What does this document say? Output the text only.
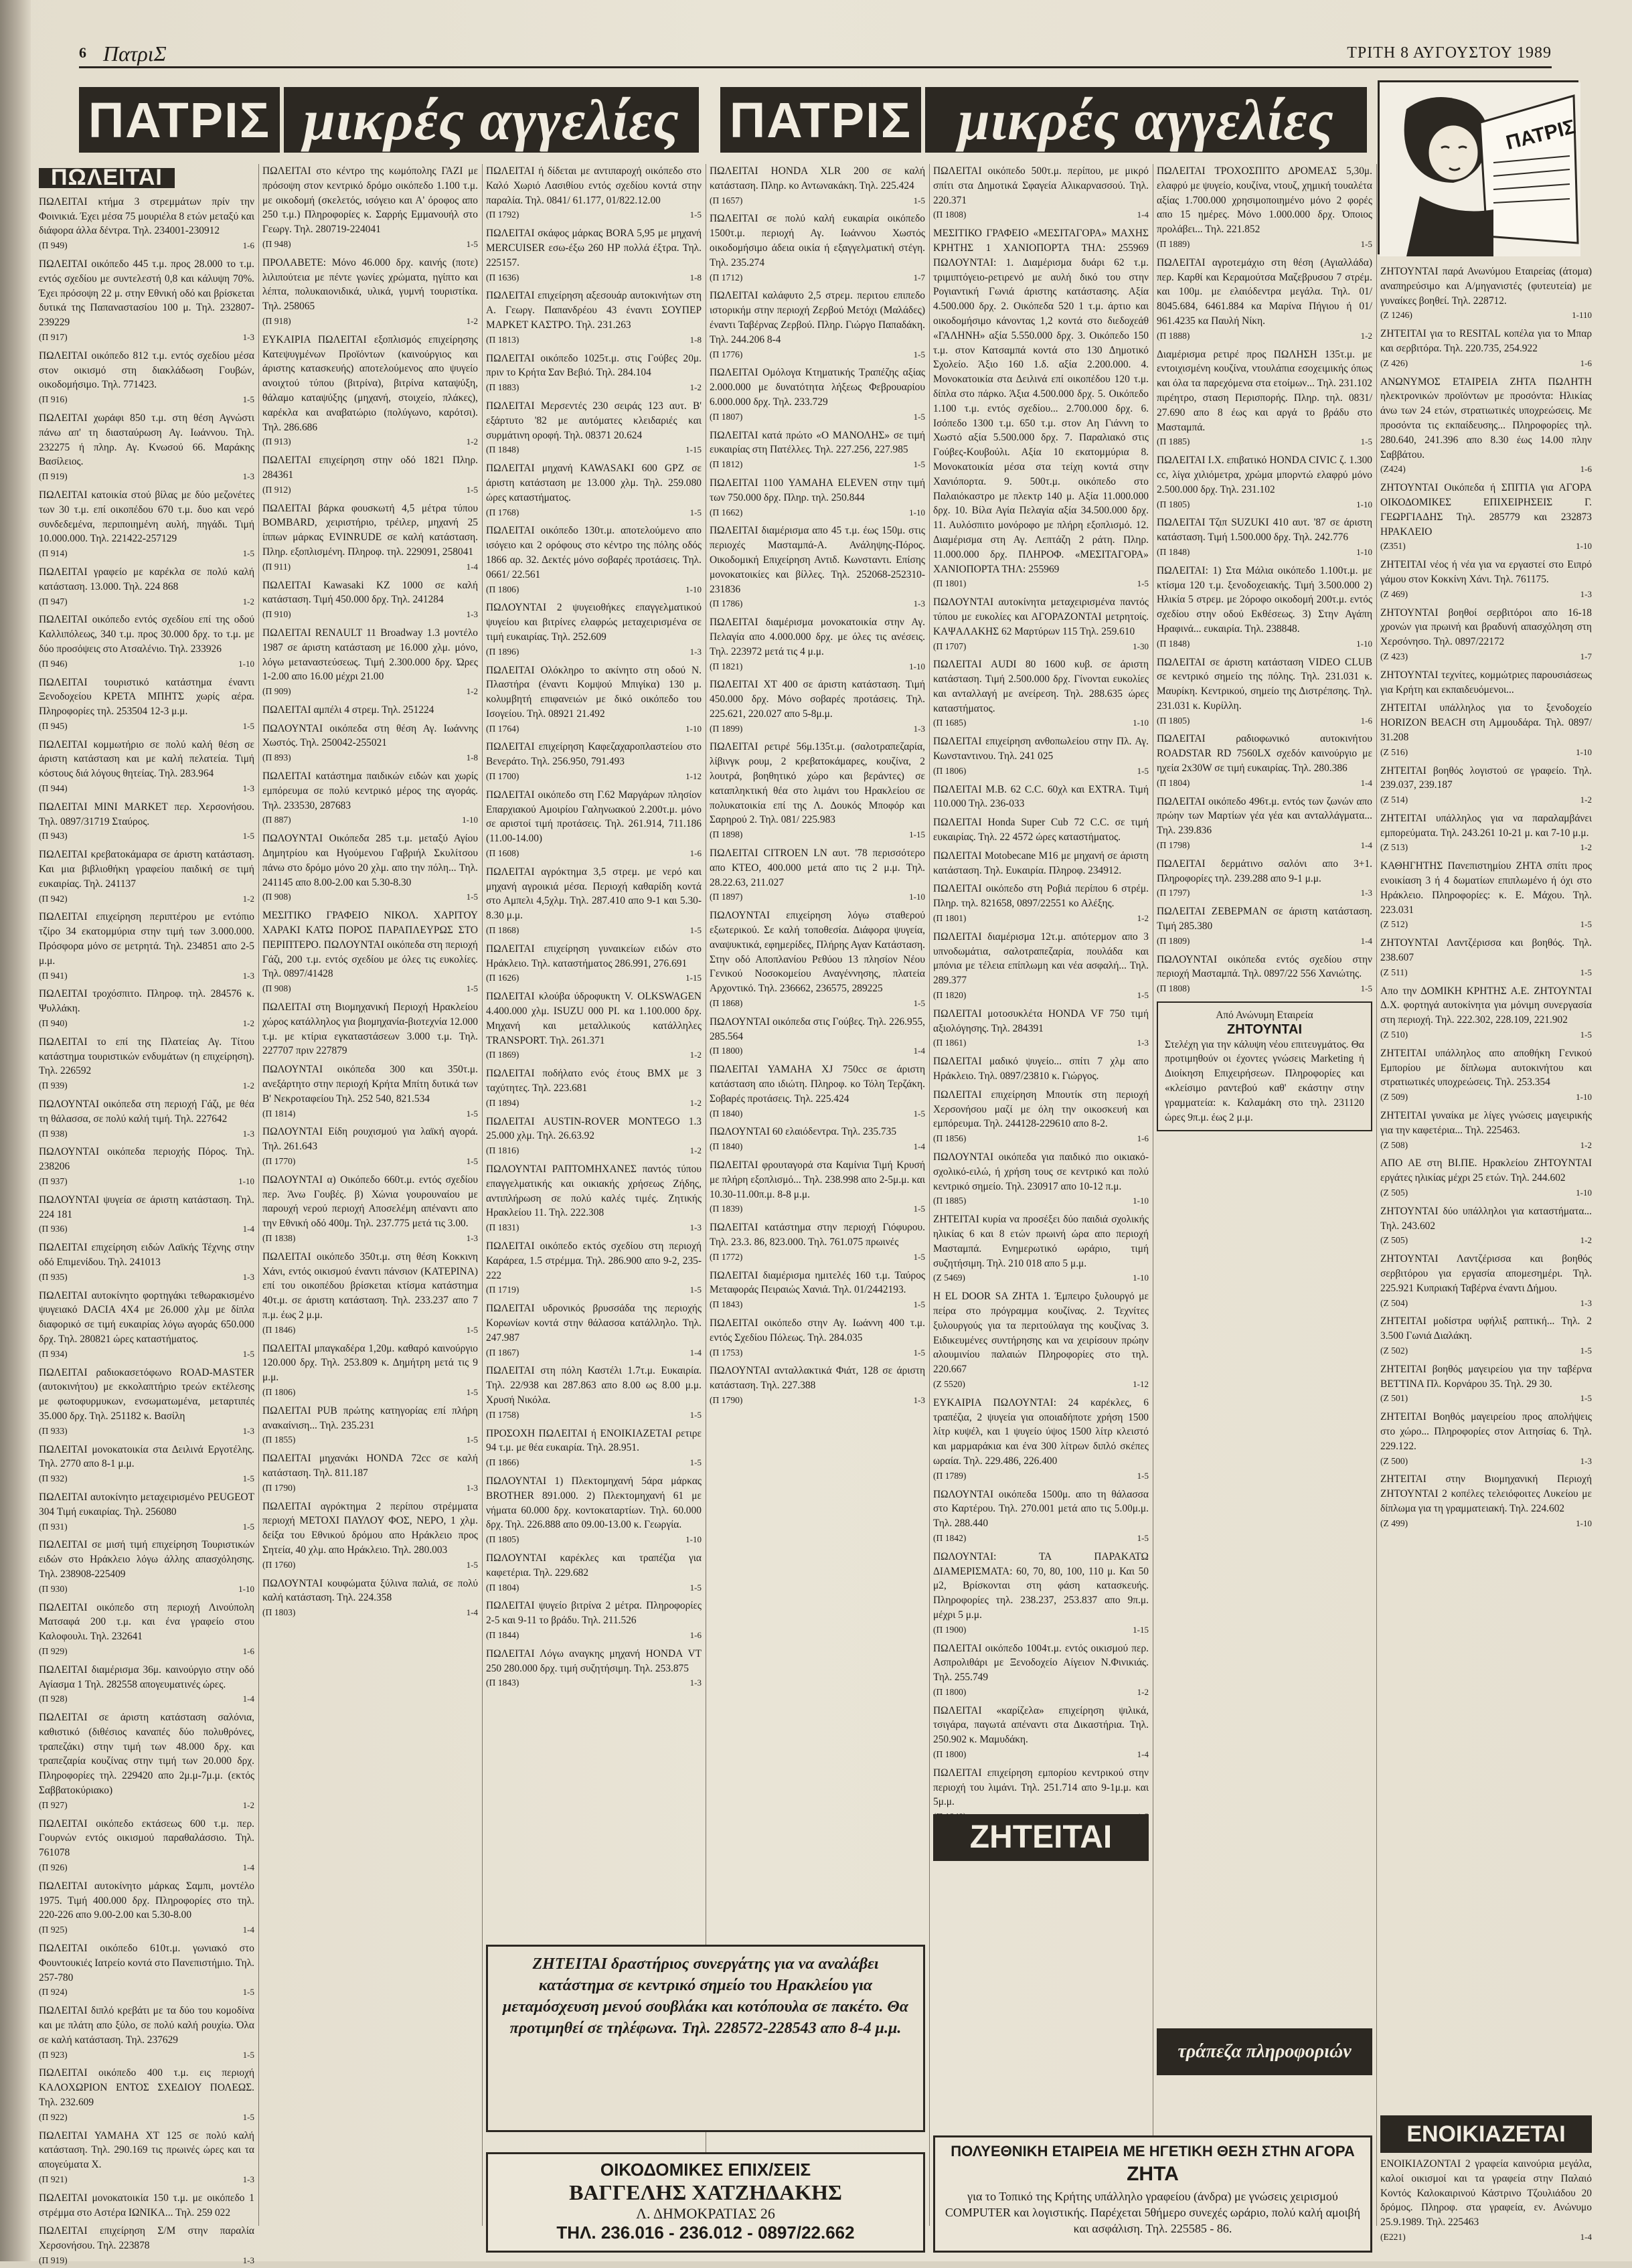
6 ΠατριΣ	ΤΡΙΤΗ 8 ΑΥΓΟΥΣΤΟΥ 1989
ΠΑΤΡΙΣ μικρές αγγελίες ΠΑΤΡΙΣ μικρές αγγελίες	ΠΑΤΡΙΣ
ΠΩΛΕΙΤΑΙ
ΠΩΛΕΙΤΑΙ κτήμα 3 στρεμμάτων πρίν την Φοινικιά. Έχει μέσα 75 μουριέλα 8 ετών μεταξύ και διάφορα άλλα δέντρα. Τηλ. 234001-230912
(Π 949)	1-6
ΠΩΛΕΙΤΑΙ οικόπεδο 445 τ.μ. προς 28.000 το τ.μ. εντός σχεδίου με συντελεστή 0,8 και κάλυψη 70%. Έχει πρόσοψη 22 μ. στην Εθνική οδό και βρίσκεται δυτικά της Παπαναστασίου 100 μ. Τηλ. 232807-239229
(Π 917)	1-3
ΠΩΛΕΙΤΑΙ οικόπεδο 812 τ.μ. εντός σχεδίου μέσα στον οικισμό στη διακλάδωση Γουβών, οικοδομήσιμο. Τηλ. 771423.
(Π 916)	1-5
ΠΩΛΕΙΤΑΙ χωράφι 850 τ.μ. στη θέση Αγνώστι πάνω απ' τη διασταύρωση Αγ. Ιωάννου. Τηλ. 232275 ή πληρ. Αγ. Κνωσού 66. Μαράκης Βασίλειος.
(Π 919)	1-3
ΠΩΛΕΙΤΑΙ κατοικία στού βίλας με δύο μεζονέτες των 30 τ.μ. επί οικοπέδου 670 τ.μ. δυο και νερό συνδεδεμένα, περιποιημένη αυλή, πηγάδι. Τιμή 10.000.000. Τηλ. 221422-257129
(Π 914)	1-5
ΠΩΛΕΙΤΑΙ γραφείο με καρέκλα σε πολύ καλή κατάσταση. 13.000. Τηλ. 224 868
(Π 947)	1-2
ΠΩΛΕΙΤΑΙ οικόπεδο εντός σχεδίου επί της οδού Καλλιπόλεως, 340 τ.μ. προς 30.000 δρχ. το τ.μ. με δύο προσόψεις στο Ατσαλένιο. Τηλ. 233926
(Π 946)	1-10
ΠΩΛΕΙΤΑΙ τουριστικό κατάστημα έναντι Ξενοδοχείου ΚΡΕΤΑ ΜΠΗΤΣ χωρίς αέρα. Πληροφορίες τηλ. 253504 12-3 μ.μ.
(Π 945)	1-5
ΠΩΛΕΙΤΑΙ κομμωτήριο σε πολύ καλή θέση σε άριστη κατάσταση και με καλή πελατεία. Τιμή κόστους διά λόγους θητείας. Τηλ. 283.964
(Π 944)	1-3
ΠΩΛΕΙΤΑΙ MINI MARKET περ. Χερσονήσου. Τηλ. 0897/31719 Σταύρος.
(Π 943)	1-5
ΠΩΛΕΙΤΑΙ κρεβατοκάμαρα σε άριστη κατάσταση. Και μια βιβλιοθήκη γραφείου παιδική σε τιμή ευκαιρίας. Τηλ. 241137
(Π 942)	1-2
ΠΩΛΕΙΤΑΙ επιχείρηση περιπτέρου με εντόπιο τζίρο 34 εκατομμύρια στην τιμή των 3.000.000. Πρόσφορα μόνο σε μετρητά. Τηλ. 234851 απο 2-5 μ.μ.
(Π 941)	1-3
ΠΩΛΕΙΤΑΙ τροχόσπιτο. Πληροφ. τηλ. 284576 κ. Ψυλλάκη.
(Π 940)	1-2
ΠΩΛΕΙΤΑΙ το επί της Πλατείας Αγ. Τίτου κατάστημα τουριστικών ενδυμάτων (η επιχείρηση). Τηλ. 226592
(Π 939)	1-2
ΠΩΛΟΥΝΤΑΙ οικόπεδα στη περιοχή Γάζι, με θέα τη θάλασσα, σε πολύ καλή τιμή. Τηλ. 227642
(Π 938)	1-3
ΠΩΛΟΥΝΤΑΙ οικόπεδα περιοχής Πόρος. Τηλ. 238206
(Π 937)	1-10
ΠΩΛΟΥΝΤΑΙ ψυγεία σε άριστη κατάσταση. Τηλ. 224 181
(Π 936)	1-4
ΠΩΛΕΙΤΑΙ επιχείρηση ειδών Λαϊκής Τέχνης στην οδό Επιμενίδου. Τηλ. 241013
(Π 935)	1-3
ΠΩΛΕΙΤΑΙ αυτοκίνητο φορτηγάκι τεθωρακισμένο ψυγειακό DACIA 4X4 με 26.000 χλμ με δίπλα διαφορικό σε τιμή ευκαιρίας λόγω αγοράς 650.000 δρχ. Τηλ. 280821 ώρες καταστήματος.
(Π 934)	1-5
ΠΩΛΕΙΤΑΙ ραδιοκασετόφωνο ROAD-MASTER (αυτοκινήτου) με εκκολαπτήριο τρεών εκτέλεσης με φωτοφυρμυκων, ενσωματωμένα, μεταρτιπές 35.000 δρχ. Τηλ. 251182 κ. Βασίλη
(Π 933)	1-3
ΠΩΛΕΙΤΑΙ μονοκατοικία στα Δειλινά Εργοτέλης. Τηλ. 2770 απο 8-1 μ.μ.
(Π 932)	1-5
ΠΩΛΕΙΤΑΙ αυτοκίνητο μεταχειρισμένο PEUGEOT 304 Τιμή ευκαιρίας. Τηλ. 256080
(Π 931)	1-5
ΠΩΛΕΙΤΑΙ σε μισή τιμή επιχείρηση Τουριστικών ειδών στο Ηράκλειο λόγω άλλης απασχόλησης. Τηλ. 238908-225409
(Π 930)	1-10
ΠΩΛΕΙΤΑΙ οικόπεδο στη περιοχή Λινούπολη Ματσαφά 200 τ.μ. και ένα γραφείο στου Καλοφουλι. Τηλ. 232641
(Π 929)	1-6
ΠΩΛΕΙΤΑΙ διαμέρισμα 36μ. καινούργιο στην οδό Αγίασμα 1 Τηλ. 282558 απογευματινές ώρες.
(Π 928)	1-4
ΠΩΛΕΙΤΑΙ σε άριστη κατάσταση σαλόνια, καθιστικό (διθέσιος καναπές δύο πολυθρόνες, τραπεζάκι) στην τιμή των 48.000 δρχ. και τραπεζαρία κουζίνας στην τιμή των 20.000 δρχ. Πληροφορίες τηλ. 229420 απο 2μ.μ-7μ.μ. (εκτός Σαββατοκύριακο)
(Π 927)	1-2
ΠΩΛΕΙΤΑΙ οικόπεδο εκτάσεως 600 τ.μ. περ. Γουρνών εντός οικισμού παραθαλάσσιο. Τηλ. 761078
(Π 926)	1-4
ΠΩΛΕΙΤΑΙ αυτοκίνητο μάρκας Σαμπι, μοντέλο 1975. Τιμή 400.000 δρχ. Πληροφορίες στο τηλ. 220-226 απο 9.00-2.00 και 5.30-8.00
(Π 925)	1-4
ΠΩΛΕΙΤΑΙ οικόπεδο 610τ.μ. γωνιακό στο Φουντουκιές Ιατρείο κοντά στο Πανεπιστήμιο. Τηλ. 257-780
(Π 924)	1-5
ΠΩΛΕΙΤΑΙ διπλό κρεβάτι με τα δύο του κομοδίνα και με πλάτη απο ξύλο, σε πολύ καλή ρουχίω. Όλα σε καλή κατάσταση. Τηλ. 237629
(Π 923)	1-5
ΠΩΛΕΙΤΑΙ οικόπεδο 400 τ.μ. εις περιοχή ΚΑΛΟΧΩΡΙΟΝ ΕΝΤΟΣ ΣΧΕΔΙΟΥ ΠΟΛΕΩΣ. Τηλ. 232.609
(Π 922)	1-5
ΠΩΛΕΙΤΑΙ ΥΑΜΑΗΑ XT 125 σε πολύ καλή κατάσταση. Τηλ. 290.169 τις πρωινές ώρες και τα απογεύματα Χ.
(Π 921)	1-3
ΠΩΛΕΙΤΑΙ μονοκατοικία 150 τ.μ. με οικόπεδο 1 στρέμμα στο Αστέρα ΙΩΝΙΚΑ... Τηλ. 259 022
ΠΩΛΕΙΤΑΙ επιχείρηση Σ/Μ στην παραλία Χερσονήσου. Τηλ. 223878
(Π 919)	1-3
ΠΩΛΕΙΤΑΙ στο κέντρο της κωμόπολης ΓΑΖΙ με πρόσοψη στον κεντρικό δρόμο οικόπεδο 1.100 τ.μ. με οικοδομή (σκελετός, ισόγειο και Α' όροφος απο 250 τ.μ.) Πληροφορίες κ. Σαρρής Εμμανουήλ στο Γεωργ. Τηλ. 280719-224041
(Π 948)	1-5
ΠΡΟΛΑΒΕΤΕ: Μόνο 46.000 δρχ. καινής (ποτε) λιλιπούτεια με πέντε γωνίες χρώματα, ηγίπτο και λέπτα, πολυκαιονιδικά, υλικά, γυμνή τουριστίκα. Τηλ. 258065
(Π 918)	1-2
ΕΥΚΑΙΡΙΑ ΠΩΛΕΙΤΑΙ εξοπλισμός επιχείρησης Κατεψυγμένων Προϊόντων (καινούργιος και άριστης κατασκευής) αποτελούμενος απο ψυγείο ανοιχτού τύπου (βιτρίνα), βιτρίνα καταψύξη, θάλαμο καταψύξης (μηχανή, στοιχείο, πλάκες), καρέκλα και αναβατώριο (πολύγωνο, καρότσι). Τηλ. 286.686
(Π 913)	1-2
ΠΩΛΕΙΤΑΙ επιχείρηση στην οδό 1821 Πληρ. 284361
(Π 912)	1-5
ΠΩΛΕΙΤΑΙ βάρκα φουσκωτή 4,5 μέτρα τύπου BOMBARD, χειριστήριο, τρέιλερ, μηχανή 25 ίππων μάρκας EVINRUDE σε καλή κατάσταση. Πληρ. εξοπλισμένη. Πληροφ. τηλ. 229091, 258041
(Π 911)	1-4
ΠΩΛΕΙΤΑΙ Kawasaki KZ 1000 σε καλή κατάσταση. Τιμή 450.000 δρχ. Τηλ. 241284
(Π 910)	1-3
ΠΩΛΕΙΤΑΙ RENAULT 11 Broadway 1.3 μοντέλο 1987 σε άριστη κατάσταση με 16.000 χλμ. μόνο, λόγω μεταναστεύσεως. Τιμή 2.300.000 δρχ. Ώρες 1-2.00 απο 16.00 μέχρι 21.00
(Π 909)	1-2
ΠΩΛΕΙΤΑΙ αμπέλι 4 στρεμ. Τηλ. 251224
ΠΩΛΟΥΝΤΑΙ οικόπεδα στη θέση Αγ. Ιωάννης Χωστός. Τηλ. 250042-255021
(Π 893)	1-8
ΠΩΛΕΙΤΑΙ κατάστημα παιδικών ειδών και χωρίς εμπόρευμα σε πολύ κεντρικό μέρος της αγοράς. Τηλ. 233530, 287683
(Π 887)	1-10
ΠΩΛΟΥΝΤΑΙ Οικόπεδα 285 τ.μ. μεταξύ Αγίου Δημητρίου και Ηγούμενου Γαβριήλ Σκυλίτσου πάνω στο δρόμο μόνο 20 χλμ. απο την πόλη... Τηλ. 241145 απο 8.00-2.00 και 5.30-8.30
(Π 908)	1-5
ΜΕΣΙΤΙΚΟ ΓΡΑΦΕΙΟ ΝΙΚΟΛ. ΧΑΡΙΤΟΥ ΧΑΡΑΚΙ ΚΑΤΩ ΠΟΡΟΣ ΠΑΡΑΠΛΕΥΡΩΣ ΣΤΟ ΠΕΡΙΠΤΕΡΟ. ΠΩΛΟΥΝΤΑΙ οικόπεδα στη περιοχή Γάζι, 200 τ.μ. εντός σχεδίου με όλες τις ευκολίες. Τηλ. 0897/41428
(Π 908)	1-5
ΠΩΛΕΙΤΑΙ στη Βιομηχανική Περιοχή Ηρακλείου χώρος κατάλληλος για βιομηχανία-βιοτεχνία 12.000 τ.μ. με κτίρια εγκαταστάσεων 3.000 τ.μ. Τηλ. 227707 πριν 227879
ΠΩΛΟΥΝΤΑΙ οικόπεδα 300 και 350τ.μ. ανεξάρτητο στην περιοχή Κρήτα Μπίτη δυτικά των Β' Νεκροταφείου Τηλ. 252 540, 821.534
(Π 1814)	1-5
ΠΩΛΟΥΝΤΑΙ Είδη ρουχισμού για λαϊκή αγορά. Τηλ. 261.643
(Π 1770)	1-5
ΠΩΛΟΥΝΤΑΙ α) Οικόπεδο 660τ.μ. εντός σχεδίου περ. Άνω Γουβές. β) Χώνια γουρουναίου με παρουχή νερού περιοχή Αποσελέμη απέναντι απο την Εθνική οδό 400μ. Τηλ. 237.775 μετά τις 3.00.
(Π 1838)	1-3
ΠΩΛΕΙΤΑΙ οικόπεδο 350τ.μ. στη θέση Κοκκινη Χάνι, εντός οικισμού έναντι πάνσιον (ΚΑΤΕΡΙΝΑ) επί του οικοπέδου βρίσκεται κτίσμα κατάστημα 40τ.μ. σε άριστη κατάσταση. Τηλ. 233.237 απο 7 π.μ. έως 2 μ.μ.
(Π 1846)	1-5
ΠΩΛΕΙΤΑΙ μπαγκαδέρα 1,20μ. καθαρό καινούργιο 120.000 δρχ. Τηλ. 253.809 κ. Δημήτρη μετά τις 9 μ.μ.
(Π 1806)	1-5
ΠΩΛΕΙΤΑΙ PUB πρώτης κατηγορίας επί πλήρη ανακαίνιση... Τηλ. 235.231
(Π 1855)	1-5
ΠΩΛΕΙΤΑΙ μηχανάκι HONDA 72cc σε καλή κατάσταση. Τηλ. 811.187
(Π 1790)	1-3
ΠΩΛΕΙΤΑΙ αγρόκτημα 2 περίπου στρέμματα περιοχή ΜΕΤΟΧΙ ΠΑΥΛΟΥ ΦΟΣ, ΝΕΡΟ, 1 χλμ. δείξα του Εθνικού δρόμου απο Ηράκλειο προς Σητεία, 40 χλμ. απο Ηράκλειο. Τηλ. 280.003
(Π 1760)	1-5
ΠΩΛΟΥΝΤΑΙ κουφώματα ξύλινα παλιά, σε πολύ καλή κατάσταση. Τηλ. 224.358
(Π 1803)	1-4
ΠΩΛΕΙΤΑΙ ή δίδεται με αντιπαροχή οικόπεδο στο Καλό Χωριό Λασιθίου εντός σχεδίου κοντά στην παραλία. Τηλ. 0841/ 61.177, 01/822.12.00
(Π 1792)	1-5
ΠΩΛΕΙΤΑΙ σκάφος μάρκας BORA 5,95 με μηχανή MERCUISER εσω-έξω 260 HP πολλά έξτρα. Τηλ. 225157.
(Π 1636)	1-8
ΠΩΛΕΙΤΑΙ επιχείρηση αξεσουάρ αυτοκινήτων στη Α. Γεωργ. Παπανδρέου 43 έναντι ΣΟΥΠΕΡ ΜΑΡΚΕΤ ΚΑΣΤΡΟ. Τηλ. 231.263
(Π 1813)	1-8
ΠΩΛΕΙΤΑΙ οικόπεδο 1025τ.μ. στις Γούβες 20μ. πριν το Κρήτα Σαν Βεβιό. Τηλ. 284.104
(Π 1883)	1-2
ΠΩΛΕΙΤΑΙ Μερσεντές 230 σειράς 123 αυτ. Β' εξάρτυτο '82 με αυτόματες κλειδαριές και συρμάτινη οροφή. Τηλ. 08371 20.624
(Π 1848)	1-15
ΠΩΛΕΙΤΑΙ μηχανή KAWASAKI 600 GPZ σε άριστη κατάσταση με 13.000 χλμ. Τηλ. 259.080 ώρες καταστήματος.
(Π 1768)	1-5
ΠΩΛΕΙΤΑΙ οικόπεδο 130τ.μ. αποτελούμενο απο ισόγειο και 2 ορόφους στο κέντρο της πόλης οδός 1866 αρ. 32. Δεκτές μόνο σοβαρές προτάσεις. Τηλ. 0661/ 22.561
(Π 1806)	1-10
ΠΩΛΟΥΝΤΑΙ 2 ψυγειοθήκες επαγγελματικού ψυγείου και βιτρίνες ελαφρώς μεταχειρισμένα σε τιμή ευκαιρίας. Τηλ. 252.609
(Π 1896)	1-3
ΠΩΛΕΙΤΑΙ Ολόκληρο το ακίνητο στη οδού Ν. Πλαστήρα (έναντι Κομψού Μπιγίκα) 130 μ. κολυμβητή επιφανειών με δικό οικόπεδο του Ισογείου. Τηλ. 08921 21.492
(Π 1764)	1-10
ΠΩΛΕΙΤΑΙ επιχείρηση Καφεζαχαροπλαστείου στο Βενεράτο. Τηλ. 256.950, 791.493
(Π 1700)	1-12
ΠΩΛΕΙΤΑΙ οικόπεδο στη Γ.62 Μαργάρων πλησίον Επαρχιακού Αμοιρίου Γαληνωακού 2.200τ.μ. μόνο σε αριστοί τιμή προτάσεις. Τηλ. 261.914, 711.186 (11.00-14.00)
(Π 1608)	1-6
ΠΩΛΕΙΤΑΙ αγρόκτημα 3,5 στρεμ. με νερό και μηχανή αγροικιά μέσα. Περιοχή καθαρίδη κοντά στο Αμπελι 4,5χλμ. Τηλ. 287.410 απο 9-1 και 5.30-8.30 μ.μ.
(Π 1868)	1-5
ΠΩΛΕΙΤΑΙ επιχείρηση γυναικείων ειδών στο Ηράκλειο. Τηλ. καταστήματος 286.991, 276.691
(Π 1626)	1-15
ΠΩΛΕΙΤΑΙ κλούβα ύδροφυκτη V. OLKSWAGEN 4.400.000 χλμ. ISUZU 000 PI. κα 1.100.000 δρχ. Μηχανή και μεταλλικούς κατάλληλες TRANSPORT. Τηλ. 261.371
(Π 1869)	1-2
ΠΩΛΕΙΤΑΙ ποδήλατο ενός έτους BMX με 3 ταχύτητες. Τηλ. 223.681
(Π 1894)	1-2
ΠΩΛΕΙΤΑΙ AUSTIN-ROVER MONTEGO 1.3 25.000 χλμ. Τηλ. 26.63.92
(Π 1816)	1-2
ΠΩΛΟΥΝΤΑΙ ΡΑΠΤΟΜΗΧΑΝΕΣ παντός τύπου επαγγελματικής και οικιακής χρήσεως Ζήδης, αντιπλήρωση σε πολύ καλές τιμές. Ζητικής Ηρακλείου 11. Τηλ. 222.308
(Π 1831)	1-3
ΠΩΛΕΙΤΑΙ οικόπεδο εκτός σχεδίου στη περιοχή Καράρεα, 1.5 στρέμμα. Τηλ. 286.900 απο 9-2, 235-222
(Π 1719)	1-5
ΠΩΛΕΙΤΑΙ υδρονικός βρυσσάδα της περιοχής Κορωνίων κοντά στην θάλασσα κατάλληλο. Τηλ. 247.987
(Π 1867)	1-4
ΠΩΛΕΙΤΑΙ στη πόλη Καστέλι 1.7τ.μ. Ευκαιρία. Τηλ. 22/938 και 287.863 απο 8.00 ως 8.00 μ.μ. Χρυσή Νικόλα.
(Π 1758)	1-5
ΠΡΟΣΟΧΗ ΠΩΛΕΙΤΑΙ ή ΕΝΟΙΚΙΑΖΕΤΑΙ ρετιρε 94 τ.μ. με θέα ευκαιρία. Τηλ. 28.951.
(Π 1866)	1-5
ΠΩΛΟΥΝΤΑΙ 1) Πλεκτομηχανή 5άρα μάρκας BROTHER 891.000. 2) Πλεκτομηχανή 61 με νήματα 60.000 δρχ. κοντοκαταρτίων. Τηλ. 60.000 δρχ. Τηλ. 226.888 απο 09.00-13.00 κ. Γεωργία.
(Π 1805)	1-10
ΠΩΛΟΥΝΤΑΙ καρέκλες και τραπέζια για καφετέρια. Τηλ. 229.682
(Π 1804)	1-5
ΠΩΛΕΙΤΑΙ ψυγείο βιτρίνα 2 μέτρα. Πληροφορίες 2-5 και 9-11 το βράδυ. Τηλ. 211.526
(Π 1844)	1-6
ΠΩΛΕΙΤΑΙ Λόγω αναγκης μηχανή HONDA VT 250 280.000 δρχ. τιμή συζητήσιμη. Τηλ. 253.875
(Π 1843)	1-3
ΠΩΛΕΙΤΑΙ HONDA XLR 200 σε καλή κατάσταση. Πληρ. κο Αντωνακάκη. Τηλ. 225.424
(Π 1657)	1-5
ΠΩΛΕΙΤΑΙ σε πολύ καλή ευκαιρία οικόπεδο 1500τ.μ. περιοχή Αγ. Ιωάννου Χωστός οικοδομήσιμο άδεια οικία ή εξαγγελματική στέγη. Τηλ. 235.274
(Π 1712)	1-7
ΠΩΛΕΙΤΑΙ καλάφυτο 2,5 στρεμ. περιτου επιπεδο ιστορικήμ στην περιοχή Ζερβού Μετόχι (Μαλάδες) έναντι Ταβέρνας Ζερβού. Πληρ. Γιώργο Παπαδάκη. Τηλ. 244.206 8-4
(Π 1776)	1-5
ΠΩΛΕΙΤΑΙ Ομόλογα Κτηματικής Τραπέζης αξίας 2.000.000 με δυνατότητα λήξεως Φεβρουαρίου 6.000.000 δρχ. Τηλ. 233.729
(Π 1807)	1-5
ΠΩΛΕΙΤΑΙ κατά πρώτο «Ο ΜΑΝΟΛΗΣ» σε τιμή ευκαιρίας στη Πατέλλες. Τηλ. 227.256, 227.985
(Π 1812)	1-5
ΠΩΛΕΙΤΑΙ 1100 YAMAHA ELEVEN στην τιμή των 750.000 δρχ. Πληρ. τηλ. 250.844
(Π 1662)	1-10
ΠΩΛΕΙΤΑΙ διαμέρισμα απο 45 τ.μ. έως 150μ. στις περιοχές Μασταμπά-Α. Ανάληψης-Πόρος. Οικοδομική Επιχείρηση Αντιδ. Κωνσταντι. Επίσης μονοκατοικίες και βίλλες. Τηλ. 252068-252310-231836
(Π 1786)	1-3
ΠΩΛΕΙΤΑΙ διαμέρισμα μονοκατοικία στην Αγ. Πελαγία απο 4.000.000 δρχ. με όλες τις ανέσεις. Τηλ. 223972 μετά τις 4 μ.μ.
(Π 1821)	1-10
ΠΩΛΕΙΤΑΙ XT 400 σε άριστη κατάσταση. Τιμή 450.000 δρχ. Μόνο σοβαρές προτάσεις. Τηλ. 225.621, 220.027 απο 5-8μ.μ.
(Π 1899)	1-3
ΠΩΛΕΙΤΑΙ ρετιρέ 56μ.135τ.μ. (σαλοτραπεζαρία, λίβινγκ ρουμ, 2 κρεβατοκάμαρες, κουζίνα, 2 λουτρά, βοηθητικό χώρο και βεράντες) σε καταπληκτική θέα στο λιμάνι του Ηρακλείου σε πολυκατοικία επί της Λ. Δουκός Μποφόρ και Σαρηρού 2. Τηλ. 081/ 225.983
(Π 1898)	1-15
ΠΩΛΕΙΤΑΙ CITROEN LN αυτ. '78 περισσότερο απο ΚΤΕΟ, 400.000 μετά απο τις 2 μ.μ. Τηλ. 28.22.63, 211.027
(Π 1897)	1-10
ΠΩΛΟΥΝΤΑΙ επιχείρηση λόγω σταθερού εξωτερικού. Σε καλή τοποθεσία. Διάφορα ψυγεία, αναψυκτικά, εφημερίδες, Πλήρης Αγαν Κατάσταση. Στην οδό Αποπλανίου Ρεθύου 13 πλησίον Νέου Γενικού Νοσοκομείου Αναγέννησης, πλατεία Αρχοντικό. Τηλ. 236662, 236575, 289225
(Π 1868)	1-5
ΠΩΛΟΥΝΤΑΙ οικόπεδα στις Γούβες. Τηλ. 226.955, 285.564
(Π 1800)	1-4
ΠΩΛΕΙΤΑΙ ΥΑΜΑΗΑ XJ 750cc σε άριστη κατάσταση απο ιδιώτη. Πληροφ. κο Τόλη Τερζάκη. Σοβαρές προτάσεις. Τηλ. 225.424
(Π 1840)	1-5
ΠΩΛΟΥΝΤΑΙ 60 ελαιόδεντρα. Τηλ. 235.735
(Π 1840)	1-4
ΠΩΛΕΙΤΑΙ φρουταγορά στα Καμίνια Τιμή Κρυσή με πλήρη εξοπλισμό... Τηλ. 238.998 απο 2-5μ.μ. και 10.30-11.00π.μ. 8-8 μ.μ.
(Π 1839)	1-5
ΠΩΛΕΙΤΑΙ κατάστημα στην περιοχή Γιόφυρου. Τηλ. 23.3. 86, 823.000. Τηλ. 761.075 πρωινές
(Π 1772)	1-5
ΠΩΛΕΙΤΑΙ διαμέρισμα ημιτελές 160 τ.μ. Ταύρος Μεταφοράς Πειραιώς Χανιά. Τηλ. 01/2442193.
(Π 1843)	1-5
ΠΩΛΕΙΤΑΙ οικόπεδο στην Αγ. Ιωάννη 400 τ.μ. εντός Σχεδίου Πόλεως. Τηλ. 284.035
(Π 1753)	1-5
ΠΩΛΟΥΝΤΑΙ ανταλλακτικά Φιάτ, 128 σε άριστη κατάσταση. Τηλ. 227.388
(Π 1790)	1-3
ΠΩΛΕΙΤΑΙ οικόπεδο 500τ.μ. περίπου, με μικρό σπίτι στα Δημοτικά Σφαγεία Αλικαρνασσού. Τηλ. 220.371
(Π 1808)	1-4
ΜΕΣΙΤΙΚΟ ΓΡΑΦΕΙΟ «ΜΕΣΙΤΑΓΟΡΑ» ΜΑΧΗΣ ΚΡΗΤΗΣ 1 ΧΑΝΙΟΠΟΡΤΑ ΤΗΛ: 255969 ΠΩΛΟΥΝΤΑΙ: 1. Διαμέρισμα δυάρι 62 τ.μ. τριμιπτόγειο-ρετιρενό με αυλή δικό του στην Ρογιαντική Γωνιά άριστης κατάστασης. Αξία 4.500.000 δρχ. 2. Οικόπεδα 520 1 τ.μ. άρτιο και οικοδομήσιμο κάνοντας 1,2 κοντά στο διεδοχεάθ «ΓΑΛΗΝΗ» αξία 5.550.000 δρχ. 3. Οικόπεδο 150 τ.μ. στον Κατσαμπά κοντά στο 130 Δημοτικό Σχολείο. Άξιο 160 1.δ. αξία 2.200.000. 4. Μονοκατοικία στα Δειλινά επί οικοπέδου 120 τ.μ. δίπλα στο πάρκο. Άξια 4.500.000 δρχ. 5. Οικόπεδο 1.100 τ.μ. εντός σχεδίου... 2.700.000 δρχ. 6. Ισόπεδο 1300 τ.μ. 650 τ.μ. στον Αη Γιάννη το Χωστό αξία 5.500.000 δρχ. 7. Παραλιακό στις Γούβες-Κουβούλι. Αξία 10 εκατομμύρια 8. Μονοκατοικία μέσα στα τείχη κοντά στην Χανιόπορτα. 9. 500τ.μ. οικόπεδο στο Παλαιόκαστρο με πλεκτρ 140 μ. Αξία 11.000.000 δρχ. 10. Βίλα Αγία Πελαγία αξία 34.500.000 δρχ. 11. Αυλόσπιτο μονόροφο με πλήρη εξοπλισμό. 12. Διαμέρισμα στη Αγ. Λεπτάζη 2 ράτη. Πληρ. 11.000.000 δρχ. ΠΛΗΡΟΦ. «ΜΕΣΙΤΑΓΟΡΑ» ΧΑΝΙΟΠΟΡΤΑ ΤΗΛ: 255969
(Π 1801)	1-5
ΠΩΛΟΥΝΤΑΙ αυτοκίνητα μεταχειρισμένα παντός τύπου με ευκολίες και ΑΓΟΡΑΖΟΝΤΑΙ μετρητοίς. ΚΑΨΑΛΑΚΗΣ 62 Μαρτύρων 115 Τηλ. 259.610
(Π 1707)	1-30
ΠΩΛΕΙΤΑΙ AUDI 80 1600 κυβ. σε άριστη κατάσταση. Τιμή 2.500.000 δρχ. Γίνονται ευκολίες και ανταλλαγή με ανείρεση. Τηλ. 288.635 ώρες καταστήματος.
(Π 1685)	1-10
ΠΩΛΕΙΤΑΙ επιχείρηση ανθοπωλείου στην Πλ. Αγ. Κωνσταντινου. Τηλ. 241 025
(Π 1806)	1-5
ΠΩΛΕΙΤΑΙ Μ.Β. 62 C.C. 60χλ και EXTRA. Τιμή 110.000 Τηλ. 236-033
ΠΩΛΕΙΤΑΙ Honda Super Cub 72 C.C. σε τιμή ευκαιρίας. Τηλ. 22 4572 ώρες καταστήματος.
ΠΩΛΕΙΤΑΙ Motobecane M16 με μηχανή σε άριστη κατάσταση. Τηλ. Ευκαιρία. Πληροφ. 234912.
ΠΩΛΕΙΤΑΙ οικόπεδο στη Ροβιά περίπου 6 στρέμ. Πληρ. τηλ. 821658, 0897/22551 κο Αλέξης.
(Π 1801)	1-2
ΠΩΛΕΙΤΑΙ διαμέρισμα 12τ.μ. απότερμον απο 3 υπνοδωμάτια, σαλοτραπεζαρία, πουλάδα και μπόνια με τέλεια επίπλωμη και νέα ασφαλή... Τηλ. 289.377
(Π 1820)	1-5
ΠΩΛΕΙΤΑΙ μοτοσυκλέτα HONDA VF 750 τιμή αξιολόγησης. Τηλ. 284391
(Π 1861)	1-3
ΠΩΛΕΙΤΑΙ μαδικό ψυγείο... σπίτι 7 χλμ απο Ηράκλειο. Τηλ. 0897/23810 κ. Γιώργος.
ΠΩΛΕΙΤΑΙ επιχείρηση Mπουτίκ στη περιοχή Χερσονήσου μαζί με όλη την οικοσκευή και εμπόρευμα. Τηλ. 244128-229610 απο 8-2.
(Π 1856)	1-6
ΠΩΛΟΥΝΤΑΙ οικόπεδα για παιδικό πιο οικιακό-σχολικό-ειλώ, ή χρήση τους σε κεντρικό και πολύ κεντρικό σημείο. Τηλ. 230917 απο 10-12 π.μ.
(Π 1885)	1-10
ΖΗΤΕΙΤΑΙ κυρία να προσέξει δύο παιδιά σχολικής ηλικίας 6 και 8 ετών πρωινή ώρα απο περιοχή Μασταμπά. Ενημερωτικό ωράριο, τιμή συζητήσιμη. Τηλ. 210 018 απο 5 μ.μ.
(Z 5469)	1-10
H EL DOOR SA ΖΗΤΑ 1. Έμπειρο ξυλουργό με πείρα στο πρόγραμμα κουζίνας. 2. Τεχνίτες ξυλουργούς για τα περιτούλαγα της κουζίνας 3. Ειδικευμένες συντήρησης και να χειρίσουν πρώην αλουμινίου παλαιών Πληροφορίες στο τηλ. 220.667
(Z 5520)	1-12
ΕΥΚΑΙΡΙΑ ΠΩΛΟΥΝΤΑΙ: 24 καρέκλες, 6 τραπέζια, 2 ψυγεία για οποιαδήποτε χρήση 1500 λίτρ κυψέλ, και 1 ψυγείο ύψος 1500 λίτρ κλειστό και μαρμαράκια και ένα 300 λίτρων διπλό σκέπες ωραία. Τηλ. 229.486, 226.400
(Π 1789)	1-5
ΠΩΛΟΥΝΤΑΙ οικόπεδα 1500μ. απο τη θάλασσα στο Καρτέρου. Τηλ. 270.001 μετά απο τις 5.00μ.μ. Τηλ. 288.440
(Π 1842)	1-5
ΠΩΛΟΥΝΤΑΙ: ΤΑ ΠΑΡΑΚΑΤΩ ΔΙΑΜΕΡΙΣΜΑΤΑ: 60, 70, 80, 100, 110 μ. Και 50 μ2, Βρίσκονται στη φάση κατασκευής. Πληροφορίες τηλ. 238.237, 253.837 απο 9π.μ. μέχρι 5 μ.μ.
(Π 1900)	1-15
ΠΩΛΕΙΤΑΙ οικόπεδο 1004τ.μ. εντός οικισμού περ. Ασπρολιθάρι με Ξενοδοχείο Αίγειον Ν.Φινικιάς. Τηλ. 255.749
(Π 1800)	1-2
ΠΩΛΕΙΤΑΙ «καρίζελα» επιχείρηση ψιλικά, τσιγάρα, παγωτά απέναντι στα Δικαστήρια. Τηλ. 250.902 κ. Μαμυδάκη.
(Π 1800)	1-4
ΠΩΛΕΙΤΑΙ επιχείρηση εμπορίου κεντρικού στην περιοχή του λιμάνι. Τηλ. 251.714 απο 9-1μ.μ. και 5μ.μ.
ΠΩΛΕΙΤΑΙ ΤΡΟΧΟΣΠΙΤΟ ΔΡΟΜΕΑΣ 5,30μ. ελαφρύ με ψυγείο, κουζίνα, ντουζ, χημική τουαλέτα αξίας 1.700.000 χρησιμοποιημένο μόνο 2 φορές απο 15 ημέρες. Μόνο 1.000.000 δρχ. Όποιος προλάβει... Τηλ. 221.852
(Π 1889)	1-5
ΠΩΛΕΙΤΑΙ αγροτεμάχιο στη θέση (Αγιαλλάδα) περ. Καρθί και Κεραμούτσα Μαζεβρυσου 7 στρέμ. και 100μ. με ελαιόδεντρα μεγάλα. Τηλ. 01/ 8045.684, 6461.884 κα Μαρίνα Πήγιου ή 01/ 961.4235 κα Παυλή Νίκη.
(Π 1888)	1-2
Διαμέρισμα ρετιρέ προς ΠΩΛΗΣΗ 135τ.μ. με εντοιχισμένη κουζίνα, ντουλάπια εσοχειμικής όπως και όλα τα παρεχόμενα στα ετοίμων... Τηλ. 231.102 πιρέητρο, σταση Περισπορής. Πληρ. τηλ. 0831/ 27.690 απο 8 έως και αργά το βράδυ στο Μασταμπά.
(Π 1885)	1-5
ΠΩΛΕΙΤΑΙ Ι.Χ. επιβατικό HONDA CIVIC ζ. 1.300 cc, λίγα χιλιόμετρα, χρώμα μπορντώ ελαφρύ μόνο 2.500.000 δρχ. Τηλ. 231.102
(Π 1805)	1-10
ΠΩΛΕΙΤΑΙ Τζιπ SUZUKI 410 αυτ. '87 σε άριστη κατάσταση. Τιμή 1.500.000 δρχ. Τηλ. 242.776
(Π 1848)	1-10
ΠΩΛΕΙΤΑΙ: 1) Στα Μάλια οικόπεδο 1.100τ.μ. με κτίσμα 120 τ.μ. ξενοδοχειακής. Τιμή 3.500.000 2) Ηλικία 5 στρεμ. με 2όροφο οικοδομή 200τ.μ. εντός σχεδίου στην οδού Εκθέσεως. 3) Στην Αγάπη Ηραφινά... ευκαιρία. Τηλ. 238848.
(Π 1848)	1-10
ΠΩΛΕΙΤΑΙ σε άριστη κατάσταση VIDEO CLUB σε κεντρικό σημείο της πόλης. Τηλ. 231.031 κ. Μαυρίκη. Κεντρικού, σημείο της Διστρέπσης. Τηλ. 231.031 κ. Κυρίλλη.
(Π 1805)	1-6
ΠΩΛΕΙΤΑΙ ραδιοφωνικό αυτοκινήτου ROADSTAR RD 7560LX σχεδόν καινούργιο με ηχεία 2x30W σε τιμή ευκαιρίας. Τηλ. 280.386
(Π 1804)	1-4
ΠΩΛΕΙΤΑΙ οικόπεδο 496τ.μ. εντός των ζωνών απο πρώην των Μαρτίων γέα γέα και ανταλλάγματα... Τηλ. 239.836
(Π 1798)	1-4
ΠΩΛΕΙΤΑΙ δερμάτινο σαλόνι απο 3+1. Πληροφορίες τηλ. 239.288 απο 9-1 μ.μ.
(Π 1797)	1-3
ΠΩΛΕΙΤΑΙ ΖΕΒΕΡΜΑΝ σε άριστη κατάσταση. Τιμή 285.380
(Π 1809)	1-4
ΠΩΛΟΥΝΤΑΙ οικόπεδα εντός σχεδίου στην περιοχή Μασταμπά. Τηλ. 0897/22 556 Χανιώτης.
(Π 1808)	1-5
Από Ανώνυμη Εταιρεία
ΖΗΤΟΥΝΤΑΙ
Στελέχη για την κάλυψη νέου επιτευγμάτος. Θα προτιμηθούν οι έχοντες γνώσεις Marketing ή Διοίκηση Επιχειρήσεων. Πληροφορίες και «κλείσιμο ραντεβού καθ' εκάστην στην γραμματεία: κ. Καλαμάκη στο τηλ. 231120 ώρες 9π.μ. έως 2 μ.μ.
ΖΗΤΟΥΝΤΑΙ παρά Ανωνύμου Εταιρείας (άτομα) αναπηρεύσιμο και Α/μηγανιστές (φυτευτεία) με γυναίκες βοηθεί. Τηλ. 228712.
(Z 1246)	1-110
ΖΗΤΕΙΤΑΙ για το RESITAL κοπέλα για το Μπαρ και σερβιτόρα. Τηλ. 220.735, 254.922
(Z 426)	1-6
ΑΝΩΝΥΜΟΣ ΕΤΑΙΡΕΙΑ ΖΗΤΑ ΠΩΛΗΤΗ ηλεκτρονικών προϊόντων με προσόντα: Ηλικίας άνω των 24 ετών, στρατιωτικές υποχρεώσεις. Με προσόντα τις εκπαίδευσης... Πληροφορίες τηλ. 280.640, 241.396 απο 8.30 έως 14.00 πλην Σαββάτου.
(Z424)	1-6
ΖΗΤΟΥΝΤΑΙ Οικόπεδα ή ΣΠΙΤΙΑ για ΑΓΟΡΑ ΟΙΚΟΔΟΜΙΚΕΣ ΕΠΙΧΕΙΡΗΣΕΙΣ Γ. ΓΕΩΡΓΙΑΔΗΣ Τηλ. 285779 και 232873 ΗΡΑΚΛΕΙΟ
(Z351)	1-10
ΖΗΤΕΙΤΑΙ νέος ή νέα για να εργαστεί στο Ειπρό γάμου στον Κοκκίνη Χάνι. Τηλ. 761175.
(Z 469)	1-3
ΖΗΤΟΥΝΤΑΙ βοηθοί σερβιτόροι απο 16-18 χρονών για πρωινή και βραδυνή απασχόληση στη Χερσόνησο. Τηλ. 0897/22172
(Z 423)	1-7
ΖΗΤΟΥΝΤΑΙ τεχνίτες, κομμώτριες παρουσιάσεως για Κρήτη και εκπαιδευόμενοι...
ΖΗΤΕΙΤΑΙ υπάλληλος για το ξενοδοχείο HORIZON BEACH στη Αμμουδάρα. Τηλ. 0897/ 31.208
(Z 516)	1-10
ΖΗΤΕΙΤΑΙ βοηθός λογιστού σε γραφείο. Τηλ. 239.037, 239.187
(Z 514)	1-2
ΖΗΤΕΙΤΑΙ υπάλληλος για να παραλαμβάνει εμπορεύματα. Τηλ. 243.261 10-21 μ. και 7-10 μ.μ.
(Z 513)	1-2
ΚΑΘΗΓΗΤΗΣ Πανεπιστημίου ΖΗΤΑ σπίτι προς ενοικίαση 3 ή 4 δωματίων επιπλωμένο ή όχι στο Ηράκλειο. Πληροφορίες: κ. Ε. Μάχου. Τηλ. 223.031
(Z 512)	1-5
ΖΗΤΟΥΝΤΑΙ Λαντζέρισσα και βοηθός. Τηλ. 238.607
(Z 511)	1-5
Απο την ΔΟΜΙΚΗ ΚΡΗΤΗΣ Α.Ε. ΖΗΤΟΥΝΤΑΙ Δ.Χ. φορτηγά αυτοκίνητα για μόνιμη συνεργασία στη περιοχή. Τηλ. 222.302, 228.109, 221.902
(Z 510)	1-5
ΖΗΤΕΙΤΑΙ υπάλληλος απο αποθήκη Γενικού Εμπορίου με δίπλωμα αυτοκινήτου και στρατιωτικές υποχρεώσεις. Τηλ. 253.354
(Z 509)	1-10
ΖΗΤΕΙΤΑΙ γυναίκα με λίγες γνώσεις μαγειρικής για την καφετέρια... Τηλ. 225463.
(Z 508)	1-2
ΑΠΟ ΑΕ στη ΒΙ.ΠΕ. Ηρακλείου ΖΗΤΟΥΝΤΑΙ εργάτες ηλικίας μέχρι 25 ετών. Τηλ. 244.602
(Z 505)	1-10
ΖΗΤΟΥΝΤΑΙ δύο υπάλληλοι για καταστήματα... Τηλ. 243.602
(Z 505)	1-2
ΖΗΤΟΥΝΤΑΙ Λαντζέρισσα και βοηθός σερβιτόρου για εργασία απομεσημέρι. Τηλ. 225.921 Κυπριακή Ταβέρνα έναντι Δήμου.
(Z 504)	1-3
ΖΗΤΕΙΤΑΙ μοδίστρα υφήλιξ ραπτική... Τηλ. 2 3.500 Γωνιά Διαλάκη.
(Z 502)	1-5
ΖΗΤΕΙΤΑΙ βοηθός μαγειρείου για την ταβέρνα BETTINA Πλ. Κορνάρου 35. Τηλ. 29 30.
(Z 501)	1-5
ΖΗΤΕΙΤΑΙ Βοηθός μαγειρείου προς απολήψεις στο χώρο... Πληροφορίες στον Αιτησίας 6. Τηλ. 229.122.
(Z 500)	1-3
ΖΗΤΕΙΤΑΙ στην Βιομηχανική Περιοχή ΖΗΤΟΥΝΤΑΙ 2 κοπέλες τελειόφοιτες Λυκείου με δίπλωμα για τη γραμματειακή. Τηλ. 224.602
(Z 499)	1-10
ΖΗΤΕΙΤΑΙ δραστήριος συνεργάτης για να αναλάβει κατάστημα σε κεντρικό σημείο του Ηρακλείου για μεταμόσχευση μενού σουβλάκι και κοτόπουλα σε πακέτο. Θα προτιμηθεί σε τηλέφωνα. Τηλ. 228572-228543 απο 8-4 μ.μ.
ΟΙΚΟΔΟΜΙΚΕΣ ΕΠΙΧ/ΣΕΙΣ
ΒΑΓΓΕΛΗΣ ΧΑΤΖΗΔΑΚΗΣ
Λ. ΔΗΜΟΚΡΑΤΙΑΣ 26
ΤΗΛ. 236.016 - 236.012 - 0897/22.662
ΖΗΤΕΙΤΑΙ
τράπεζα πληροφοριών
ΠΟΛΥΕΘΝΙΚΗ ΕΤΑΙΡΕΙΑ ΜΕ ΗΓΕΤΙΚΗ ΘΕΣΗ ΣΤΗΝ ΑΓΟΡΑ
ΖΗΤΑ
για το Τοπικό της Κρήτης υπάλληλο γραφείου (άνδρα) με γνώσεις χειρισμού COMPUTER και λογιστικής. Παρέχεται 5θήμερο συνεχές ωράριο, πολύ καλή αμοιβή και ασφάλιση. Τηλ. 225585 - 86.
ΕΝΟΙΚΙΑΖΕΤΑΙ
ΕΝΟΙΚΙΑΖΟΝΤΑΙ 2 γραφεία καινούρια μεγάλα, καλοί οικισμοί και τα γραφεία στην Παλαιό Κοντός Καλοκαιρινού Κάστρινο Τζουλιάδου 20 δρόμος. Πληροφ. στα γραφεία, εν. Ανώνυμο 25.9.1989. Τηλ. 225463
(E221)	1-4
